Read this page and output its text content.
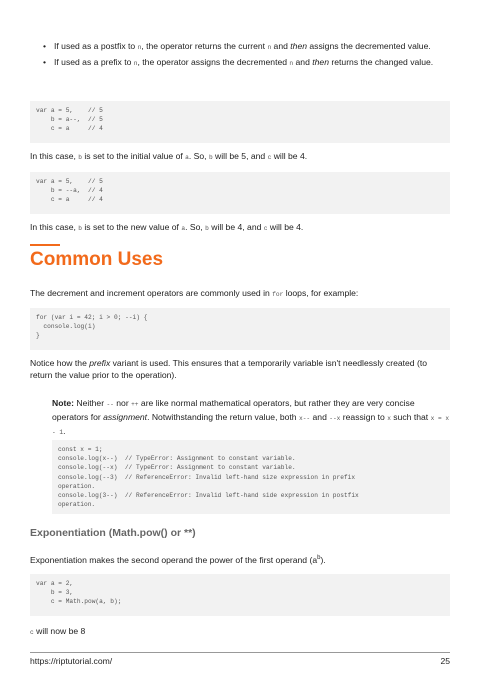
• If used as a postfix to n, the operator returns the current n and then assigns the decremented value.
• If used as a prefix to n, the operator assigns the decremented n and then returns the changed value.
var a = 5,    // 5
b = a--,  // 5
c = a     // 4
In this case, b is set to the initial value of a. So, b will be 5, and c will be 4.
var a = 5,    // 5
b = --a,  // 4
c = a     // 4
In this case, b is set to the new value of a. So, b will be 4, and c will be 4.
Common Uses
The decrement and increment operators are commonly used in for loops, for example:
for (var i = 42; i > 0; --i) {
console.log(i)
}
Notice how the prefix variant is used. This ensures that a temporarily variable isn't needlessly created (to return the value prior to the operation).
Note: Neither -- nor ++ are like normal mathematical operators, but rather they are very concise operators for assignment. Notwithstanding the return value, both x-- and --x reassign to x such that x = x - 1.
const x = 1;
console.log(x--)  // TypeError: Assignment to constant variable.
console.log(--x)  // TypeError: Assignment to constant variable.
console.log(--3)  // ReferenceError: Invalid left-hand size expression in prefix
operation.
console.log(3--)  // ReferenceError: Invalid left-hand side expression in postfix
operation.
Exponentiation (Math.pow() or **)
Exponentiation makes the second operand the power of the first operand $(a^b)$.
var a = 2,
b = 3,
c = Math.pow(a, b);
c will now be 8
https://riptutorial.com/	25
